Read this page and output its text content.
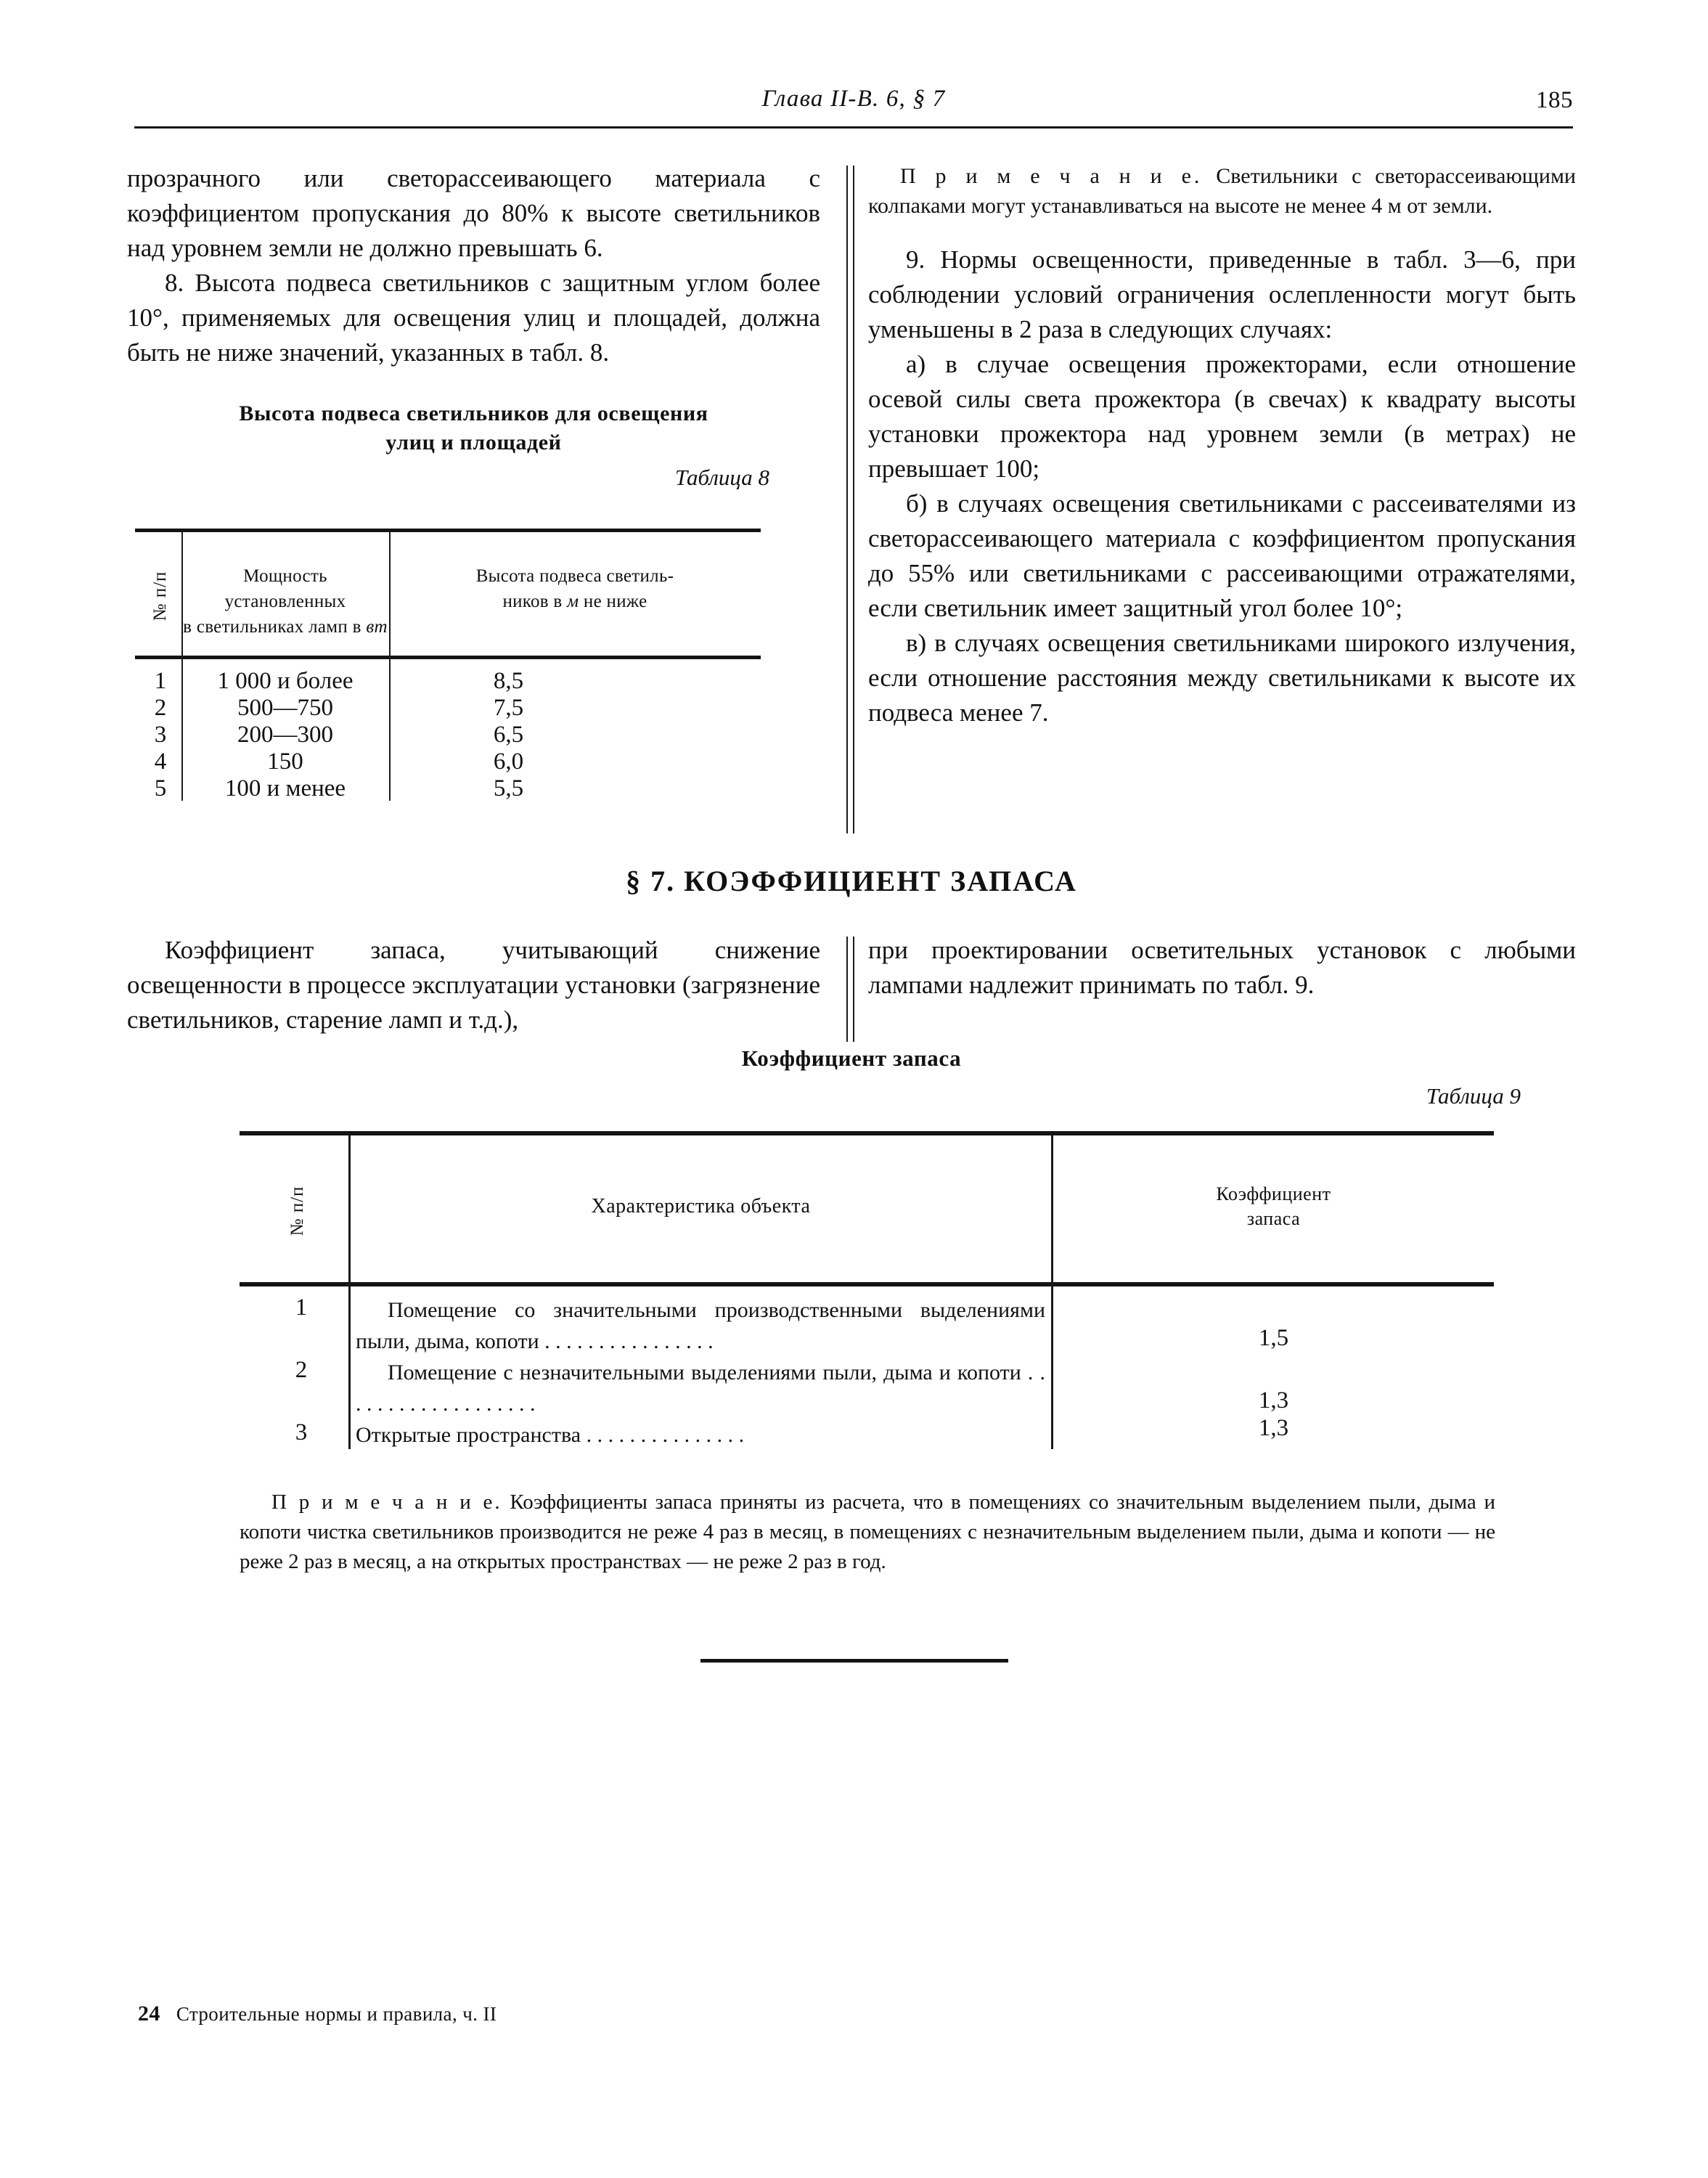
Глава II-В. 6, § 7	185

прозрачного или светорассеивающего материала с коэффициентом пропускания до 80% к высоте светильников над уровнем земли не должно превышать 6.

8. Высота подвеса светильников с защитным углом более 10°, применяемых для освещения улиц и площадей, должна быть не ниже значений, указанных в табл. 8.

П р и м е ч а н и е. Светильники с светорассеивающими колпаками могут устанавливаться на высоте не менее 4 м от земли.

9. Нормы освещенности, приведенные в табл. 3—6, при соблюдении условий ограничения ослепленности могут быть уменьшены в 2 раза в следующих случаях:

а) в случае освещения прожекторами, если отношение осевой силы света прожектора (в свечах) к квадрату высоты установки прожектора над уровнем земли (в метрах) не превышает 100;

б) в случаях освещения светильниками с рассеивателями из светорассеивающего материала с коэффициентом пропускания до 55% или светильниками с рассеивающими отражателями, если светильник имеет защитный угол более 10°;

в) в случаях освещения светильниками широкого излучения, если отношение расстояния между светильниками к высоте их подвеса менее 7.

Высота подвеса светильников для освещения
улиц и площадей
Таблица 8
№ п/п	Мощность установленных
в светильниках ламп в вт
Высота подвеса светиль-
ников в м не ниже
1	1 000 и более	8,5
2	500—750	7,5
3	200—300	6,5
4	150	6,0
5	100 и менее	5,5
§ 7. КОЭФФИЦИЕНТ ЗАПАСА

Коэффициент запаса, учитывающий снижение освещенности в процессе эксплуатации установки (загрязнение светильников, старение ламп и т.д.),

при проектировании осветительных установок с любыми лампами надлежит принимать по табл. 9.

Коэффициент запаса
Таблица 9
№ п/п	Характеристика объекта
Коэффициент
запаса
1	Помещение со значительными производственными выделениями пыли, дыма, копоти . . . . . . . . . . . . . . . .	1,5
2	Помещение с незначительными выделениями пыли, дыма и копоти . . . . . . . . . . . . . . . . . . .	1,3
3	Открытые пространства . . . . . . . . . . . . . . .	1,3

П р и м е ч а н и е. Коэффициенты запаса приняты из расчета, что в помещениях со значительным выделением пыли, дыма и копоти чистка светильников производится не реже 4 раз в месяц, в помещениях с незначительным выделением пыли, дыма и копоти — не реже 2 раз в месяц, а на открытых пространствах — не реже 2 раз в год.

24 Строительные нормы и правила, ч. II
